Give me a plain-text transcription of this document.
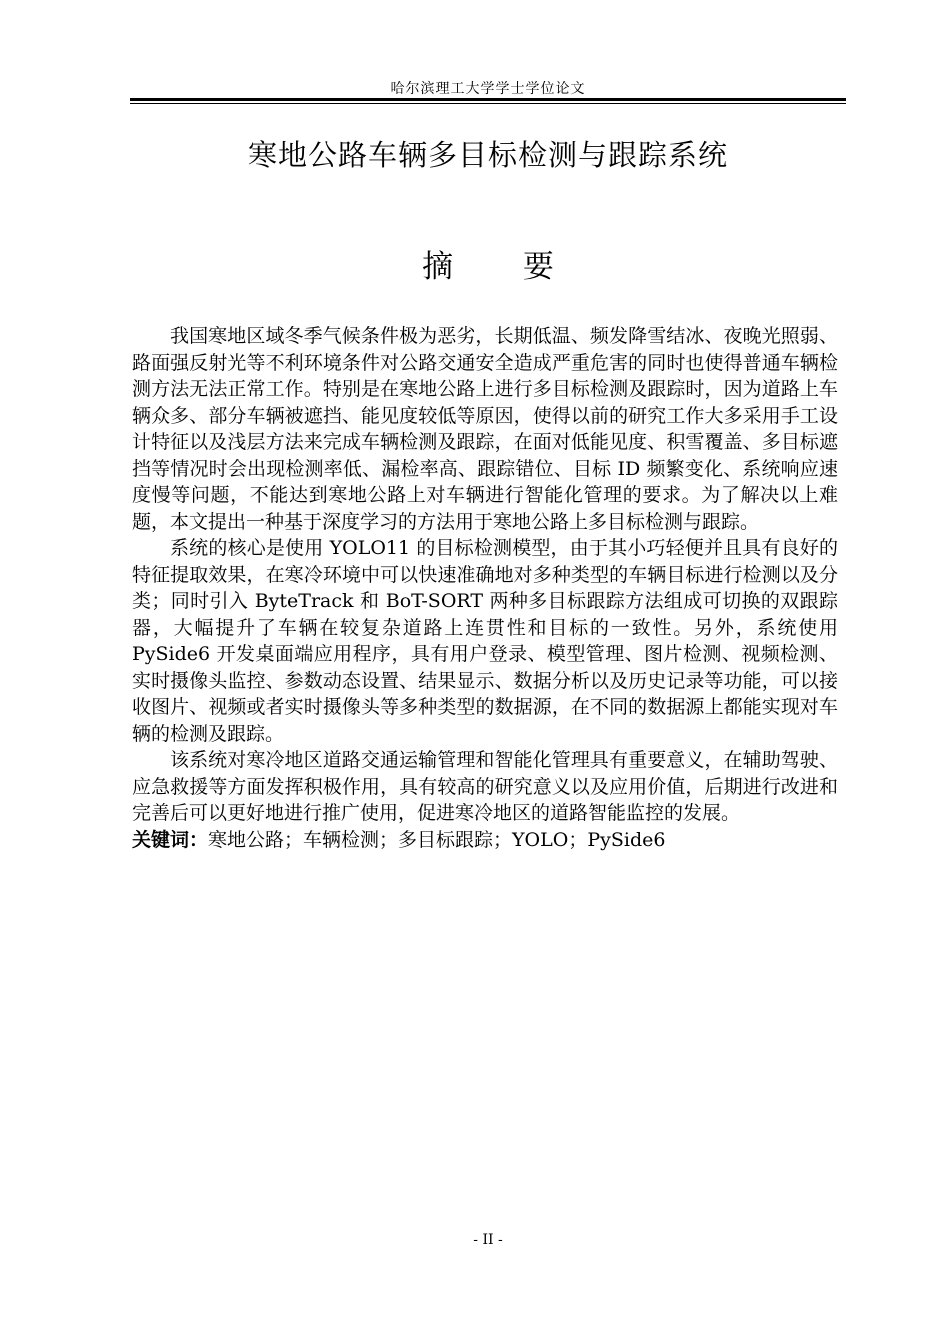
哈尔滨理工大学学士学位论文
寒地公路车辆多目标检测与跟踪系统
摘 要

我国寒地区域冬季气候条件极为恶劣，长期低温、频发降雪结冰、夜晚光照弱、路面强反射光等不利环境条件对公路交通安全造成严重危害的同时也使得普通车辆检测方法无法正常工作。特别是在寒地公路上进行多目标检测及跟踪时，因为道路上车辆众多、部分车辆被遮挡、能见度较低等原因，使得以前的研究工作大多采用手工设计特征以及浅层方法来完成车辆检测及跟踪，在面对低能见度、积雪覆盖、多目标遮挡等情况时会出现检测率低、漏检率高、跟踪错位、目标 ID 频繁变化、系统响应速度慢等问题，不能达到寒地公路上对车辆进行智能化管理的要求。为了解决以上难题，本文提出一种基于深度学习的方法用于寒地公路上多目标检测与跟踪。

系统的核心是使用 YOLO11 的目标检测模型，由于其小巧轻便并且具有良好的特征提取效果，在寒冷环境中可以快速准确地对多种类型的车辆目标进行检测以及分类；同时引入 ByteTrack 和 BoT-SORT 两种多目标跟踪方法组成可切换的双跟踪器，大幅提升了车辆在较复杂道路上连贯性和目标的一致性。另外，系统使用 PySide6 开发桌面端应用程序，具有用户登录、模型管理、图片检测、视频检测、实时摄像头监控、参数动态设置、结果显示、数据分析以及历史记录等功能，可以接收图片、视频或者实时摄像头等多种类型的数据源，在不同的数据源上都能实现对车辆的检测及跟踪。

该系统对寒冷地区道路交通运输管理和智能化管理具有重要意义，在辅助驾驶、应急救援等方面发挥积极作用，具有较高的研究意义以及应用价值，后期进行改进和完善后可以更好地进行推广使用，促进寒冷地区的道路智能监控的发展。

关键词：寒地公路；车辆检测；多目标跟踪；YOLO；PySide6

- II -
